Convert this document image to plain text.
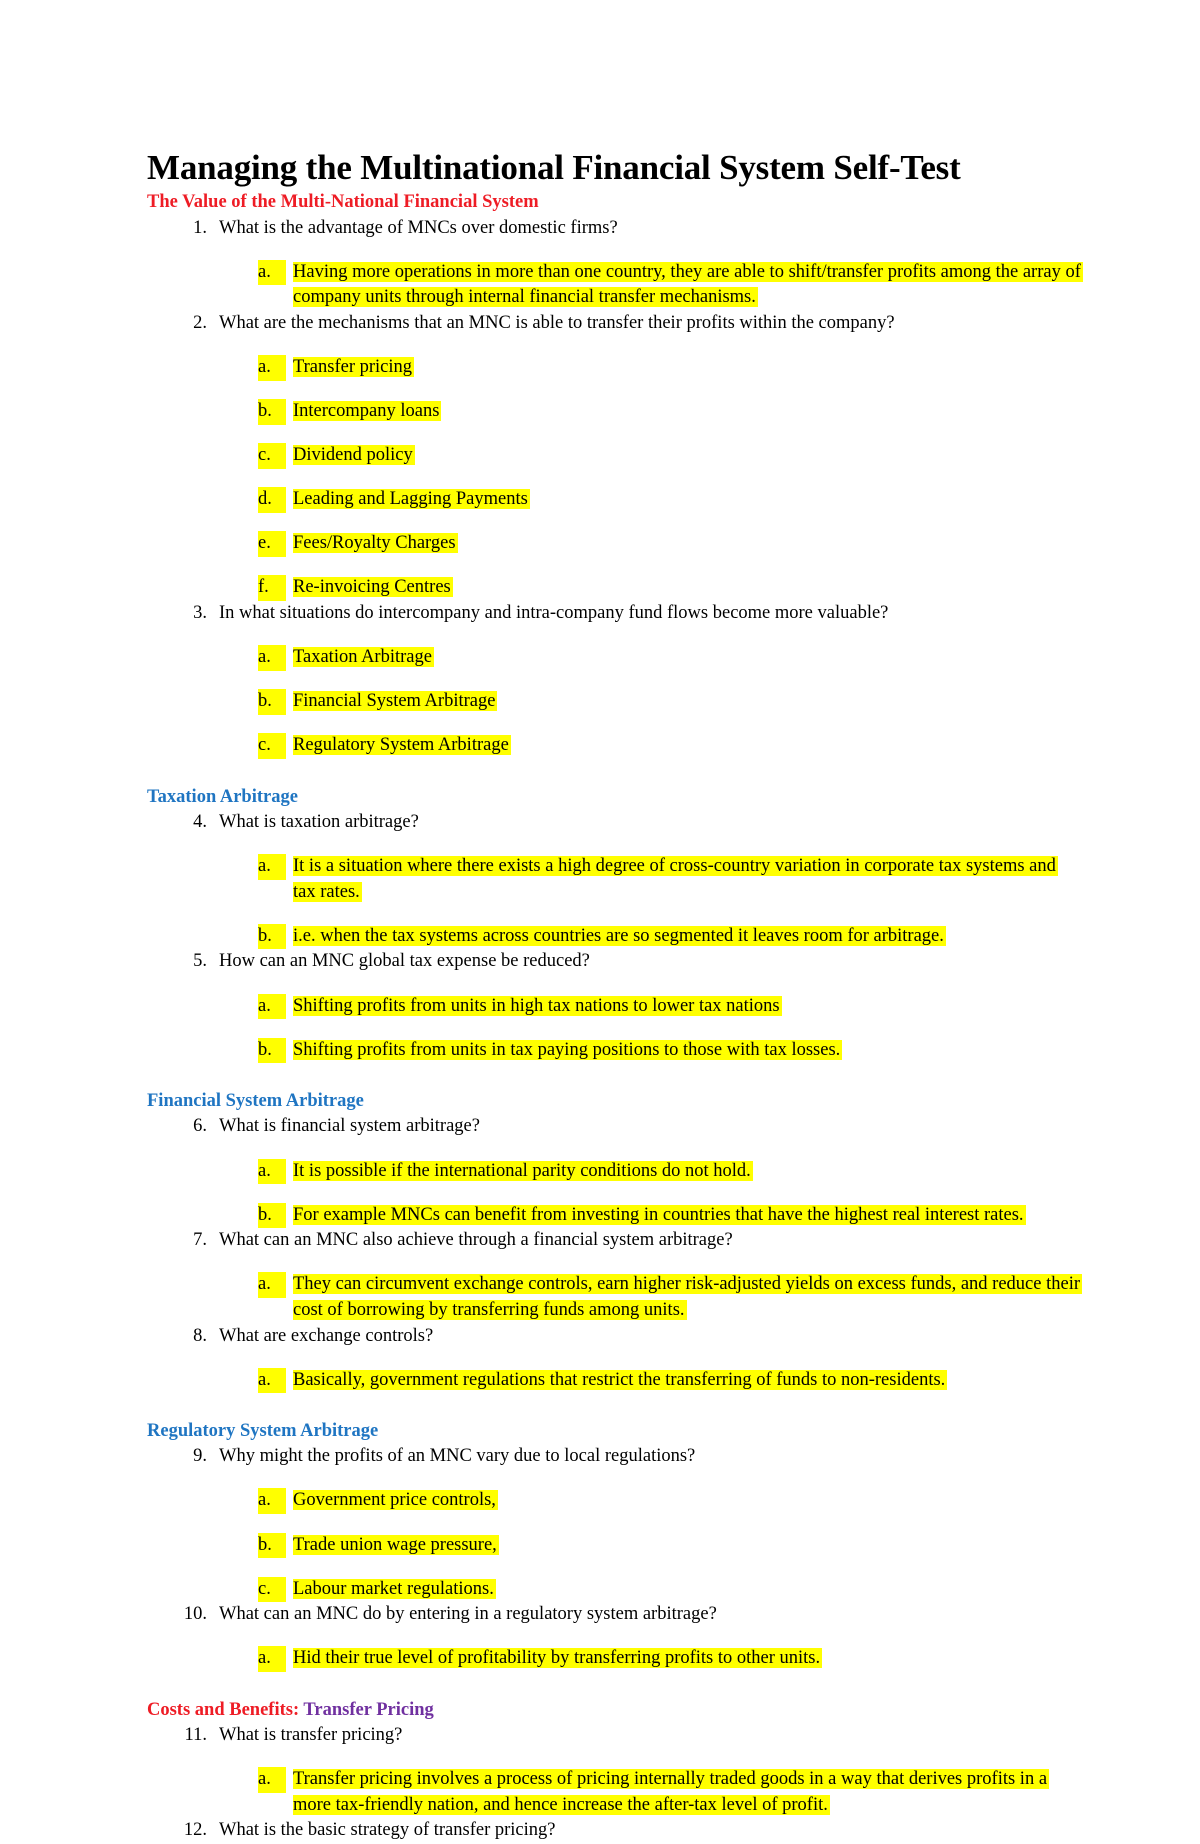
Managing the Multinational Financial System Self-Test

The Value of the Multi-National Financial System

1. What is the advantage of MNCs over domestic firms?

a.	Having more operations in more than one country, they are able to shift/transfer profits among the array of company units through internal financial transfer mechanisms.

2. What are the mechanisms that an MNC is able to transfer their profits within the company?

a.	Transfer pricing

b.	Intercompany loans

c.	Dividend policy

d.	Leading and Lagging Payments

e.	Fees/Royalty Charges

f.	Re-invoicing Centres

3. In what situations do intercompany and intra-company fund flows become more valuable?

a.	Taxation Arbitrage

b.	Financial System Arbitrage

c.	Regulatory System Arbitrage

Taxation Arbitrage

4. What is taxation arbitrage?

a.	It is a situation where there exists a high degree of cross-country variation in corporate tax systems and tax rates.

b.	i.e. when the tax systems across countries are so segmented it leaves room for arbitrage.

5. How can an MNC global tax expense be reduced?

a.	Shifting profits from units in high tax nations to lower tax nations

b.	Shifting profits from units in tax paying positions to those with tax losses.

Financial System Arbitrage

6. What is financial system arbitrage?

a.	It is possible if the international parity conditions do not hold.

b.	For example MNCs can benefit from investing in countries that have the highest real interest rates.

7. What can an MNC also achieve through a financial system arbitrage?

a.	They can circumvent exchange controls, earn higher risk-adjusted yields on excess funds, and reduce their cost of borrowing by transferring funds among units.

8. What are exchange controls?

a.	Basically, government regulations that restrict the transferring of funds to non-residents.

Regulatory System Arbitrage

9. Why might the profits of an MNC vary due to local regulations?

a.	Government price controls,

b.	Trade union wage pressure,

c.	Labour market regulations.

10. What can an MNC do by entering in a regulatory system arbitrage?

a.	Hid their true level of profitability by transferring profits to other units.

Costs and Benefits: Transfer Pricing

11. What is transfer pricing?

a.	Transfer pricing involves a process of pricing internally traded goods in a way that derives profits in a more tax-friendly nation, and hence increase the after-tax level of profit.

12. What is the basic strategy of transfer pricing?
